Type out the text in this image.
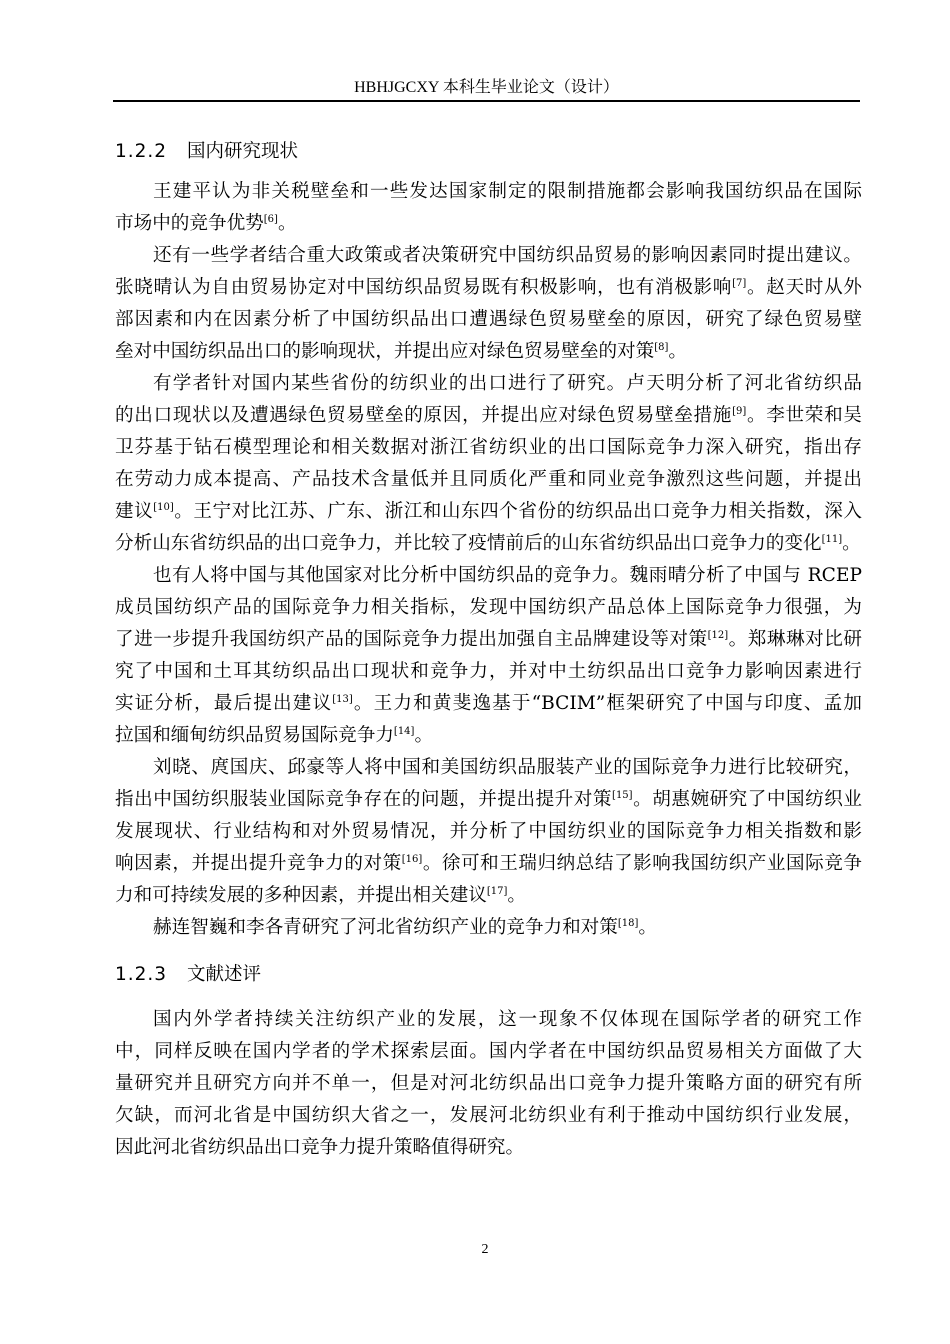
HBHJGCXY 本科生毕业论文（设计）
1.2.2 国内研究现状
王建平认为非关税壁垒和一些发达国家制定的限制措施都会影响我国纺织品在国际
市场中的竞争优势[6]。
还有一些学者结合重大政策或者决策研究中国纺织品贸易的影响因素同时提出建议。
张晓晴认为自由贸易协定对中国纺织品贸易既有积极影响，也有消极影响[7]。赵天时从外
部因素和内在因素分析了中国纺织品出口遭遇绿色贸易壁垒的原因，研究了绿色贸易壁
垒对中国纺织品出口的影响现状，并提出应对绿色贸易壁垒的对策[8]。
有学者针对国内某些省份的纺织业的出口进行了研究。卢天明分析了河北省纺织品
的出口现状以及遭遇绿色贸易壁垒的原因，并提出应对绿色贸易壁垒措施[9]。李世荣和吴
卫芬基于钻石模型理论和相关数据对浙江省纺织业的出口国际竞争力深入研究，指出存
在劳动力成本提高、产品技术含量低并且同质化严重和同业竞争激烈这些问题，并提出
建议[10]。王宁对比江苏、广东、浙江和山东四个省份的纺织品出口竞争力相关指数，深入
分析山东省纺织品的出口竞争力，并比较了疫情前后的山东省纺织品出口竞争力的变化[11]。
也有人将中国与其他国家对比分析中国纺织品的竞争力。魏雨晴分析了中国与 RCEP
成员国纺织产品的国际竞争力相关指标，发现中国纺织产品总体上国际竞争力很强，为
了进一步提升我国纺织产品的国际竞争力提出加强自主品牌建设等对策[12]。郑琳琳对比研
究了中国和土耳其纺织品出口现状和竞争力，并对中土纺织品出口竞争力影响因素进行
实证分析，最后提出建议[13]。王力和黄斐逸基于“BCIM”框架研究了中国与印度、孟加
拉国和缅甸纺织品贸易国际竞争力[14]。
刘晓、庹国庆、邱豪等人将中国和美国纺织品服装产业的国际竞争力进行比较研究，
指出中国纺织服装业国际竞争存在的问题，并提出提升对策[15]。胡惠婉研究了中国纺织业
发展现状、行业结构和对外贸易情况，并分析了中国纺织业的国际竞争力相关指数和影
响因素，并提出提升竞争力的对策[16]。徐可和王瑞归纳总结了影响我国纺织产业国际竞争
力和可持续发展的多种因素，并提出相关建议[17]。
赫连智巍和李各青研究了河北省纺织产业的竞争力和对策[18]。
1.2.3 文献述评
国内外学者持续关注纺织产业的发展，这一现象不仅体现在国际学者的研究工作
中，同样反映在国内学者的学术探索层面。国内学者在中国纺织品贸易相关方面做了大
量研究并且研究方向并不单一，但是对河北纺织品出口竞争力提升策略方面的研究有所
欠缺，而河北省是中国纺织大省之一，发展河北纺织业有利于推动中国纺织行业发展，
因此河北省纺织品出口竞争力提升策略值得研究。
2
